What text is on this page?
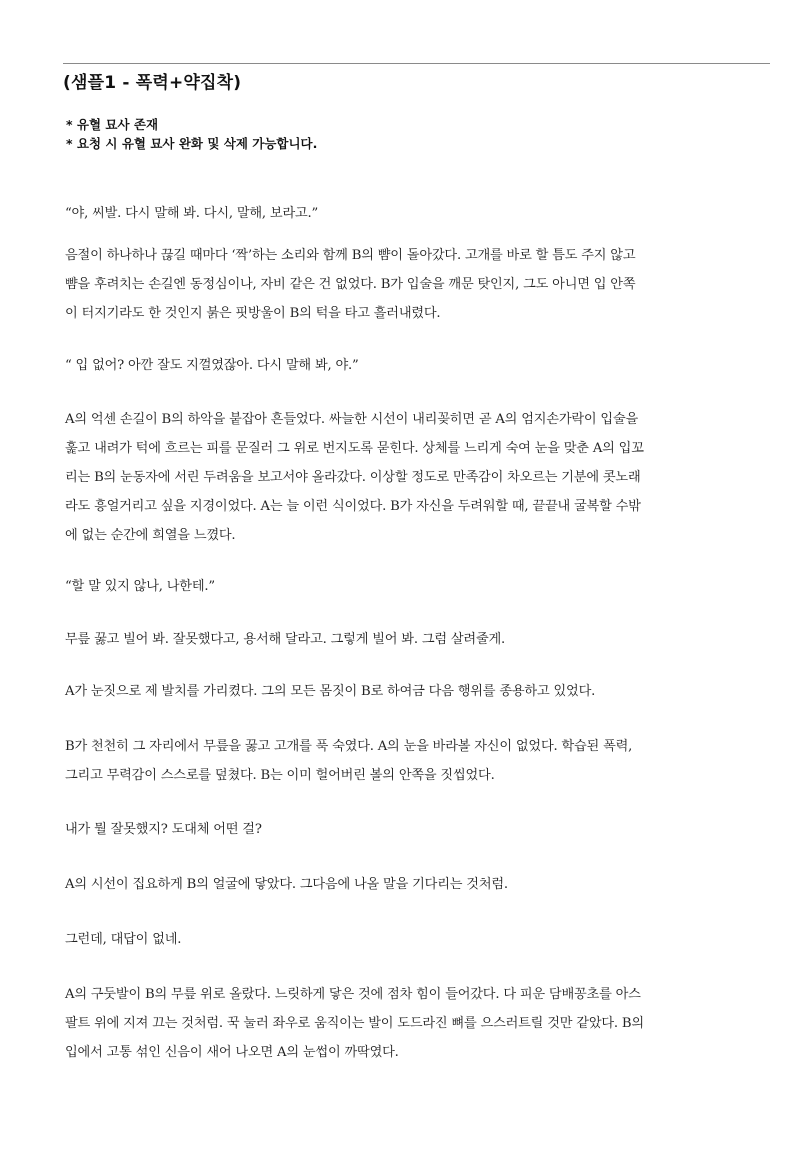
(샘플1 - 폭력+약집착)
* 유혈 묘사 존재
* 요청 시 유혈 묘사 완화 및 삭제 가능합니다.

“야, 씨발. 다시 말해 봐. 다시, 말해, 보라고.”

음절이 하나하나 끊길 때마다 ‘짝’하는 소리와 함께 B의 뺨이 돌아갔다. 고개를 바로 할 틈도 주지 않고
뺨을 후려치는 손길엔 동정심이나, 자비 같은 건 없었다. B가 입술을 깨문 탓인지, 그도 아니면 입 안쪽
이 터지기라도 한 것인지 붉은 핏방울이 B의 턱을 타고 흘러내렸다.

“ 입 없어? 아깐 잘도 지껄였잖아. 다시 말해 봐, 야.”

A의 억센 손길이 B의 하악을 붙잡아 흔들었다. 싸늘한 시선이 내리꽂히면 곧 A의 엄지손가락이 입술을
훑고 내려가 턱에 흐르는 피를 문질러 그 위로 번지도록 묻힌다. 상체를 느리게 숙여 눈을 맞춘 A의 입꼬
리는 B의 눈동자에 서린 두려움을 보고서야 올라갔다. 이상할 정도로 만족감이 차오르는 기분에 콧노래
라도 흥얼거리고 싶을 지경이었다. A는 늘 이런 식이었다. B가 자신을 두려워할 때, 끝끝내 굴복할 수밖
에 없는 순간에 희열을 느꼈다.

“할 말 있지 않나, 나한테.”

무릎 꿇고 빌어 봐. 잘못했다고, 용서해 달라고. 그렇게 빌어 봐. 그럼 살려줄게.

A가 눈짓으로 제 발치를 가리켰다. 그의 모든 몸짓이 B로 하여금 다음 행위를 종용하고 있었다.

B가 천천히 그 자리에서 무릎을 꿇고 고개를 푹 숙였다. A의 눈을 바라볼 자신이 없었다. 학습된 폭력,
그리고 무력감이 스스로를 덮쳤다. B는 이미 헐어버린 볼의 안쪽을 짓씹었다.

내가 뭘 잘못했지? 도대체 어떤 걸?

A의 시선이 집요하게 B의 얼굴에 닿았다. 그다음에 나올 말을 기다리는 것처럼.

그런데, 대답이 없네.

A의 구둣발이 B의 무릎 위로 올랐다. 느릿하게 닿은 것에 점차 힘이 들어갔다. 다 피운 담배꽁초를 아스
팔트 위에 지져 끄는 것처럼. 꾹 눌러 좌우로 움직이는 발이 도드라진 뼈를 으스러트릴 것만 같았다. B의
입에서 고통 섞인 신음이 새어 나오면 A의 눈썹이 까딱였다.
